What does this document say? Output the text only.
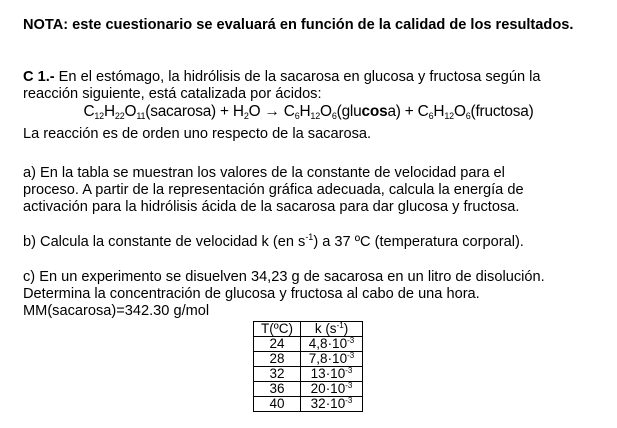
NOTA: este cuestionario se evaluará en función de la calidad de los resultados.
C 1.- En el estómago, la hidrólisis de la sacarosa en glucosa y fructosa según la
reacción siguiente, está catalizada por ácidos:
$C_{12}H_{22}O_{11}(sacarosa) + H_2O \to C_6H_{12}O_6(glucosa)$ + $C_6H_{12}O_6(fructosa)$
La reacción es de orden uno respecto de la sacarosa.
a) En la tabla se muestran los valores de la constante de velocidad para el
proceso. A partir de la representación gráfica adecuada, calcula la energía de
activación para la hidrólisis ácida de la sacarosa para dar glucosa y fructosa.
b) Calcula la constante de velocidad k (en $s^{-1}$) a 37 ºC (temperatura corporal).
c) En un experimento se disuelven 34,23 g de sacarosa en un litro de disolución.
Determina la concentración de glucosa y fructosa al cabo de una hora.
MM(sacarosa)=342.30 g/mol
T(ºC)	k $(s^{-1})$
24	$4,8\cdot 10^{-3}$
28	$7,8\cdot 10^{-3}$
32	$13\cdot 10^{-3}$
36	$20\cdot 10^{-3}$
40	$32\cdot 10^{-3}$
